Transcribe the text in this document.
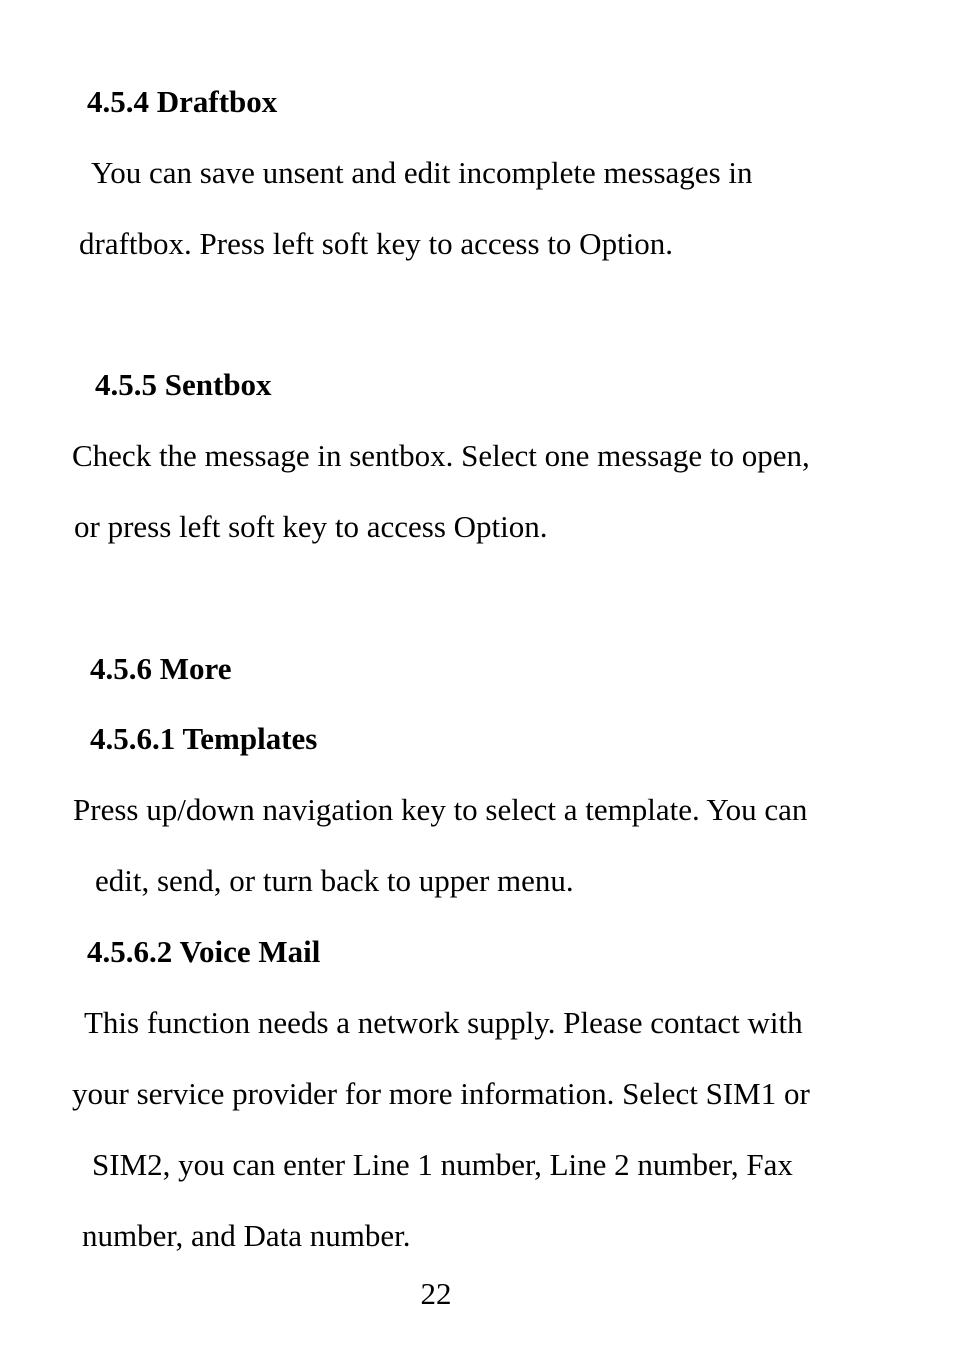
4.5.4 Draftbox
You can save unsent and edit incomplete messages in
draftbox. Press left soft key to access to Option.
4.5.5 Sentbox
Check the message in sentbox. Select one message to open,
or press left soft key to access Option.
4.5.6 More
4.5.6.1 Templates
Press up/down navigation key to select a template. You can
edit, send, or turn back to upper menu.
4.5.6.2 Voice Mail
This function needs a network supply. Please contact with
your service provider for more information. Select SIM1 or
SIM2, you can enter Line 1 number, Line 2 number, Fax
number, and Data number.
22
